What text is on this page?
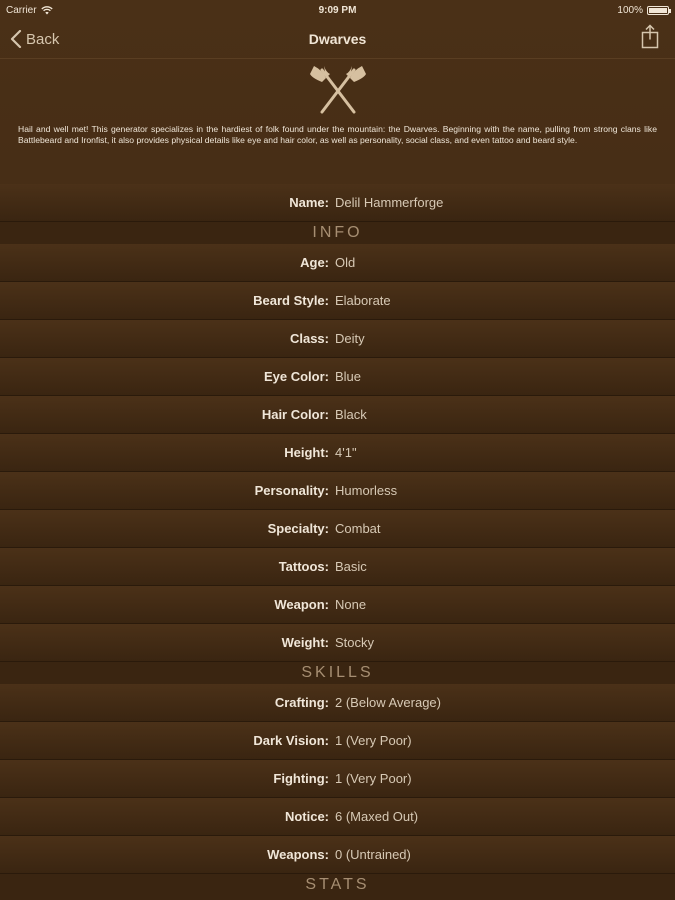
Carrier	9:09 PM	100%
Back	Dwarves
Hail and well met! This generator specializes in the hardiest of folk found under the mountain: the Dwarves. Beginning with the name, pulling from strong clans like Battlebeard and Ironfist, it also provides physical details like eye and hair color, as well as personality, social class, and even tattoo and beard style.
Name: Delil Hammerforge
INFO
Age: Old
Beard Style: Elaborate
Class: Deity
Eye Color: Blue
Hair Color: Black
Height: 4'1"
Personality: Humorless
Specialty: Combat
Tattoos: Basic
Weapon: None
Weight: Stocky
SKILLS
Crafting: 2 (Below Average)
Dark Vision: 1 (Very Poor)
Fighting: 1 (Very Poor)
Notice: 6 (Maxed Out)
Weapons: 0 (Untrained)
STATS
